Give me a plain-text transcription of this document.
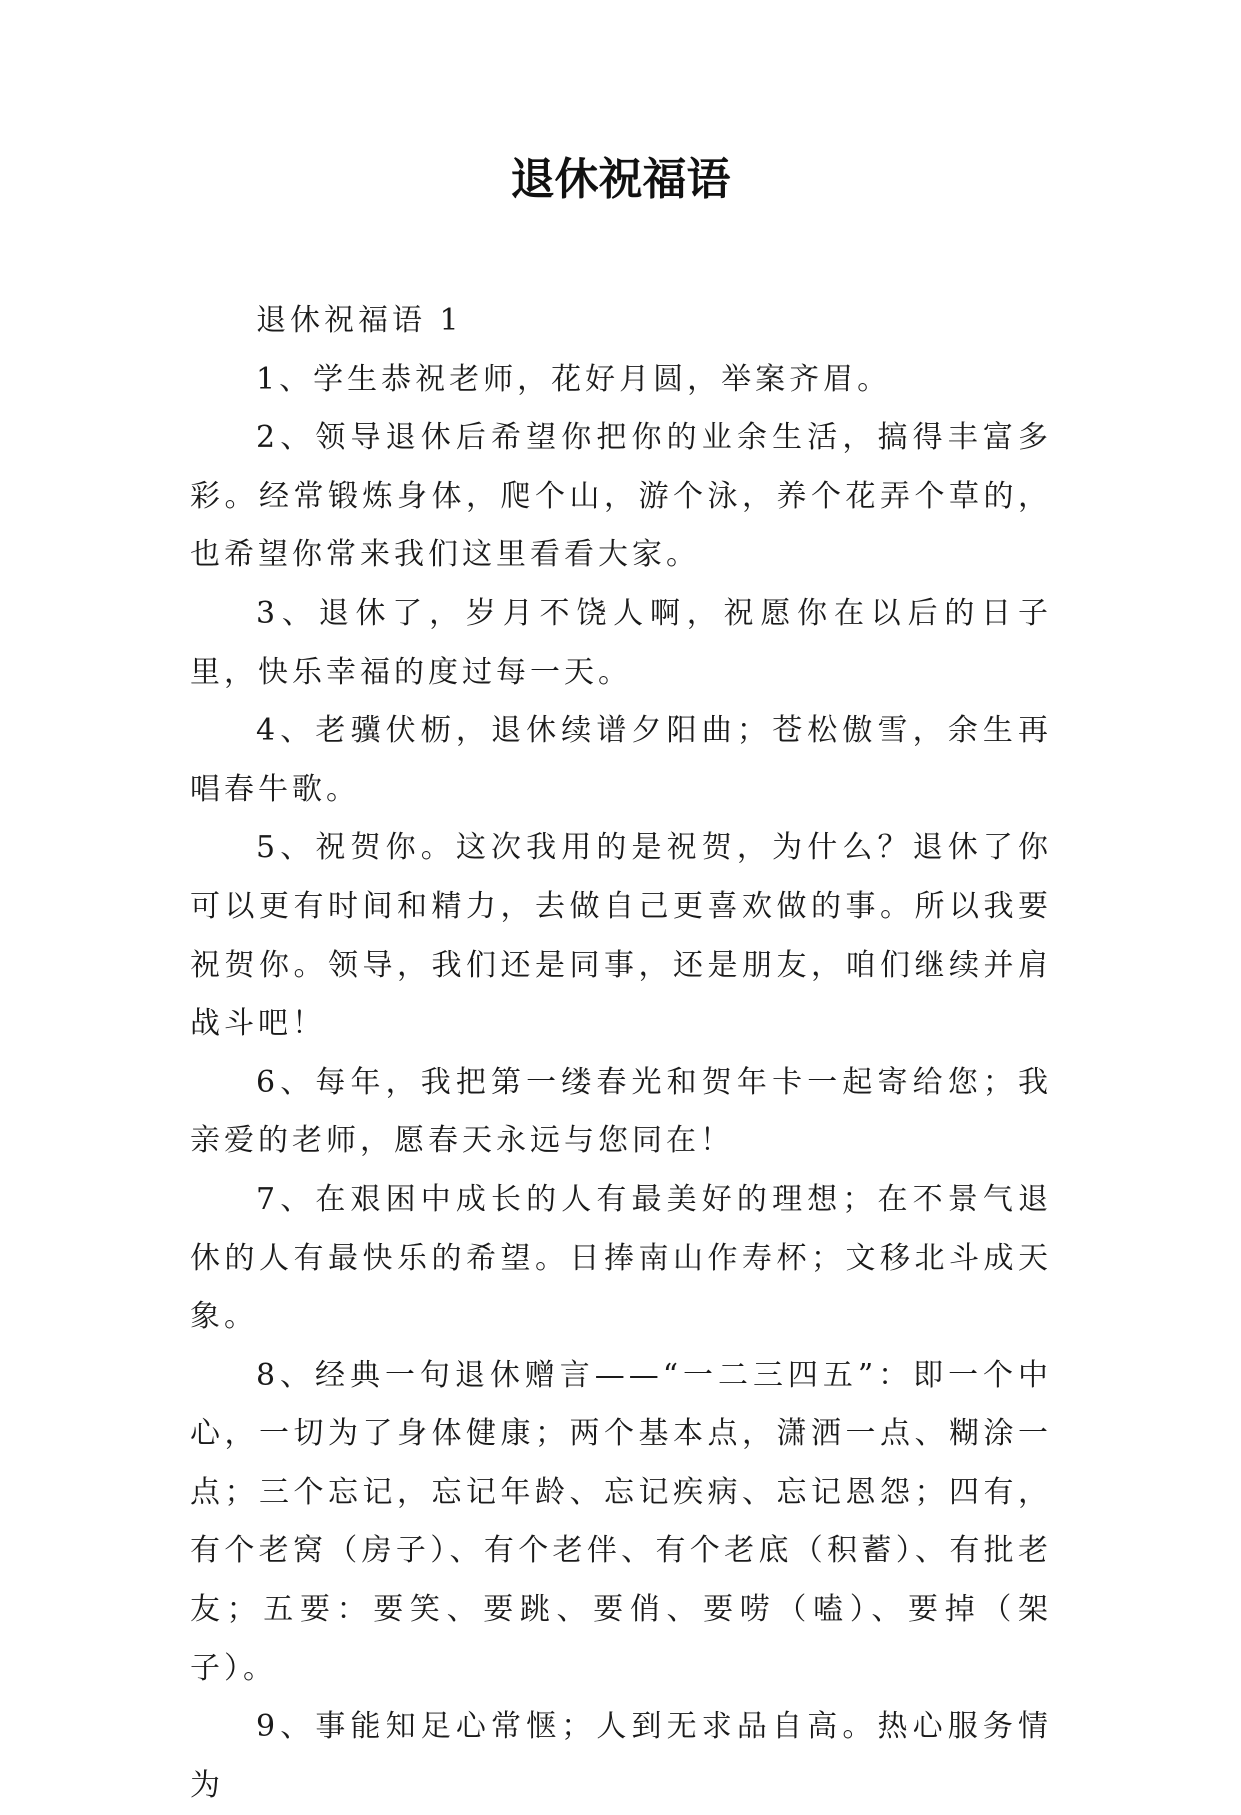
退休祝福语

退休祝福语 1

1、学生恭祝老师，花好月圆，举案齐眉。

2、领导退休后希望你把你的业余生活，搞得丰富多彩。经常锻炼身体，爬个山，游个泳，养个花弄个草的，也希望你常来我们这里看看大家。

3、退休了，岁月不饶人啊，祝愿你在以后的日子里，快乐幸福的度过每一天。

4、老骥伏枥，退休续谱夕阳曲；苍松傲雪，余生再唱春牛歌。

5、祝贺你。这次我用的是祝贺，为什么？退休了你可以更有时间和精力，去做自己更喜欢做的事。所以我要祝贺你。领导，我们还是同事，还是朋友，咱们继续并肩战斗吧！

6、每年，我把第一缕春光和贺年卡一起寄给您；我亲爱的老师，愿春天永远与您同在！

7、在艰困中成长的人有最美好的理想；在不景气退休的人有最快乐的希望。日捧南山作寿杯；文移北斗成天象。

8、经典一句退休赠言——“一二三四五”：即一个中心，一切为了身体健康；两个基本点，潇洒一点、糊涂一点；三个忘记，忘记年龄、忘记疾病、忘记恩怨；四有，有个老窝（房子）、有个老伴、有个老底（积蓄）、有批老友；五要：要笑、要跳、要俏、要唠（嗑）、要掉（架子）。

9、事能知足心常惬；人到无求品自高。热心服务情为
